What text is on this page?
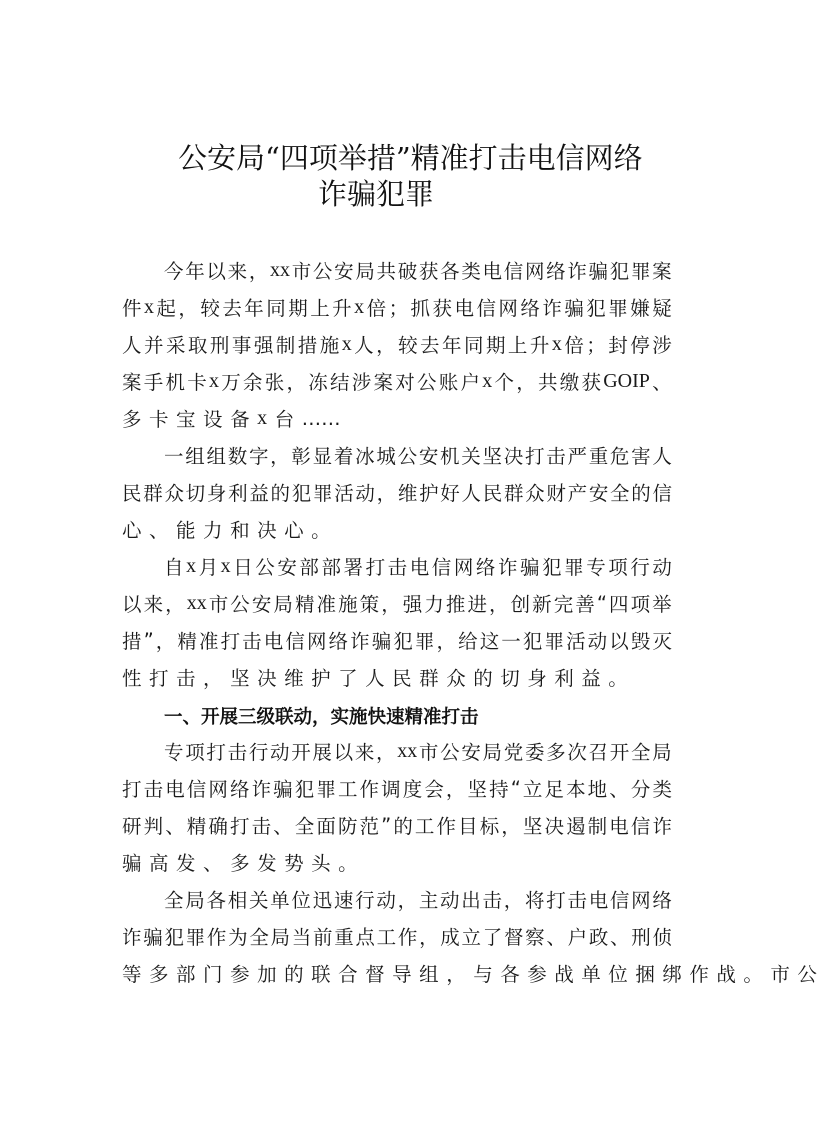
公安局“四项举措”精准打击电信网络
诈骗犯罪
今 年 以 来 ， xx 市 公 安 局 共 破 获 各 类 电 信 网 络 诈 骗 犯 罪 案
件 x 起 ， 较 去 年 同 期 上 升 x 倍 ； 抓 获 电 信 网 络 诈 骗 犯 罪 嫌 疑
人 并 采 取 刑 事 强 制 措 施 x 人 ， 较 去 年 同 期 上 升 x 倍 ； 封 停 涉
案 手 机 卡 x 万 余 张 ， 冻 结 涉 案 对 公 账 户 x 个 ， 共 缴 获 GOIP 、
多 卡 宝 设 备 x 台 ……
一 组 组 数 字 ， 彰 显 着 冰 城 公 安 机 关 坚 决 打 击 严 重 危 害 人
民 群 众 切 身 利 益 的 犯 罪 活 动 ， 维 护 好 人 民 群 众 财 产 安 全 的 信
心 、 能 力 和 决 心 。
自 x 月 x 日 公 安 部 部 署 打 击 电 信 网 络 诈 骗 犯 罪 专 项 行 动
以 来 ， xx 市 公 安 局 精 准 施 策 ， 强 力 推 进 ， 创 新 完 善 “ 四 项 举
措 ” ， 精 准 打 击 电 信 网 络 诈 骗 犯 罪 ， 给 这 一 犯 罪 活 动 以 毁 灭
性 打 击 ， 坚 决 维 护 了 人 民 群 众 的 切 身 利 益 。
一、开展三级联动，实施快速精准打击
专 项 打 击 行 动 开 展 以 来 ， xx 市 公 安 局 党 委 多 次 召 开 全 局
打 击 电 信 网 络 诈 骗 犯 罪 工 作 调 度 会 ， 坚 持 “ 立 足 本 地 、 分 类
研 判 、 精 确 打 击 、 全 面 防 范 ” 的 工 作 目 标 ， 坚 决 遏 制 电 信 诈
骗 高 发 、 多 发 势 头 。
全 局 各 相 关 单 位 迅 速 行 动 ， 主 动 出 击 ， 将 打 击 电 信 网 络
诈 骗 犯 罪 作 为 全 局 当 前 重 点 工 作 ， 成 立 了 督 察 、 户 政 、 刑 侦
等 多 部 门 参 加 的 联 合 督 导 组 ， 与 各 参 战 单 位 捆 绑 作 战 。 市 公
